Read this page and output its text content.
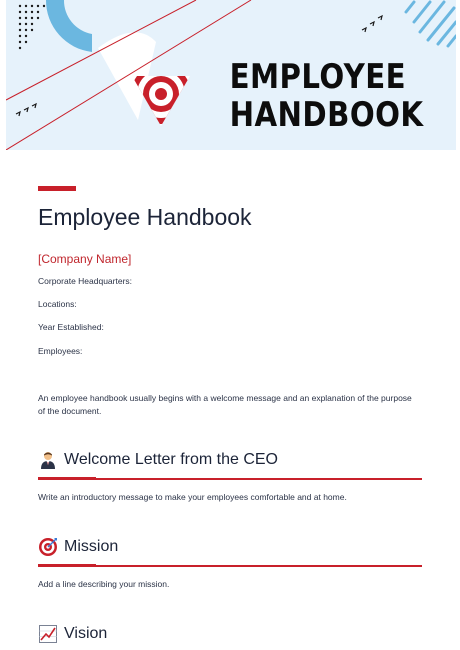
EMPLOYEE
HANDBOOK
Employee Handbook
[Company Name]
Corporate Headquarters:
Locations:
Year Established:
Employees:
An employee handbook usually begins with a welcome message and an explanation of the purpose of the document.
Welcome Letter from the CEO
Write an introductory message to make your employees comfortable and at home.
Mission
Add a line describing your mission.
Vision
